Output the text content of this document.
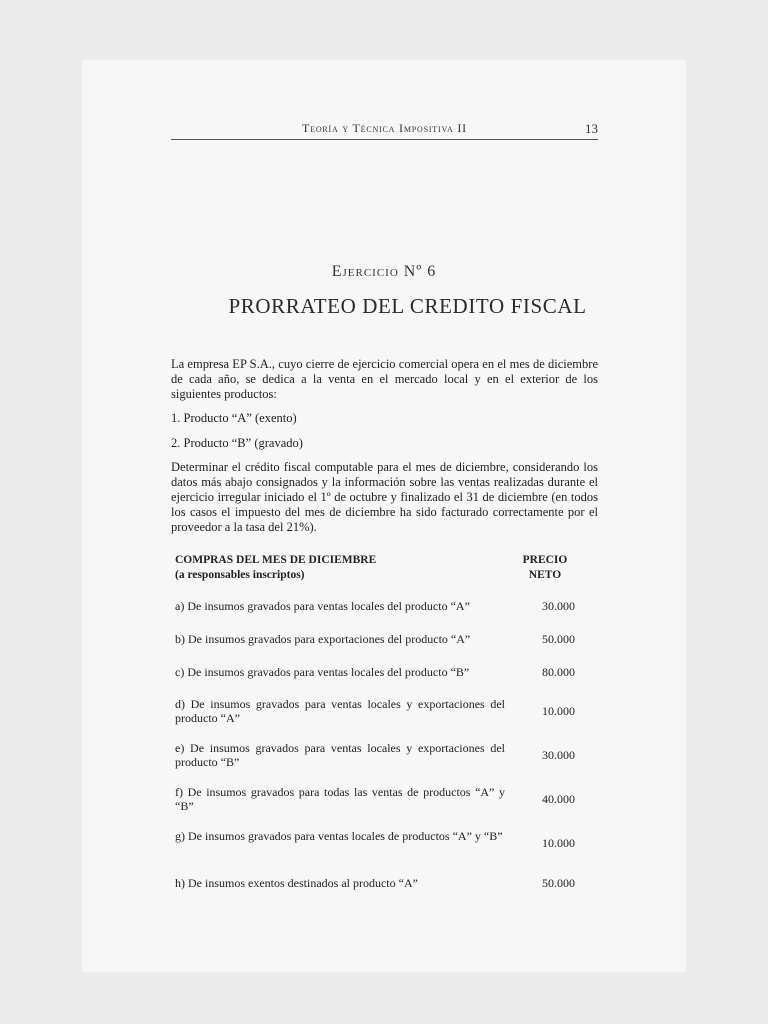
Teoría y Técnica Impositiva II	13
Ejercicio Nº 6
PRORRATEO DEL CREDITO FISCAL

La empresa EP S.A., cuyo cierre de ejercicio comercial opera en el mes de diciembre de cada año, se dedica a la venta en el mercado local y en el exterior de los siguientes productos:

1. Producto “A” (exento)

2. Producto “B” (gravado)

Determinar el crédito fiscal computable para el mes de diciembre, considerando los datos más abajo consignados y la información sobre las ventas realizadas durante el ejercicio irregular iniciado el 1º de octubre y finalizado el 31 de diciembre (en todos los casos el impuesto del mes de diciembre ha sido facturado correctamente por el proveedor a la tasa del 21%).

COMPRAS DEL MES DE DICIEMBRE
(a responsables inscriptos)
PRECIO
NETO
30.000
a) De insumos gravados para ventas locales del producto “A”
50.000
b) De insumos gravados para exportaciones del producto “A”
80.000
c) De insumos gravados para ventas locales del producto “B”
10.000
d) De insumos gravados para ventas locales y exportaciones del producto “A”
30.000
e) De insumos gravados para ventas locales y exportaciones del producto “B”
40.000
f) De insumos gravados para todas las ventas de productos “A” y “B”
10.000
g) De insumos gravados para ventas locales de productos “A” y “B”
50.000
h) De insumos exentos destinados al producto “A”
